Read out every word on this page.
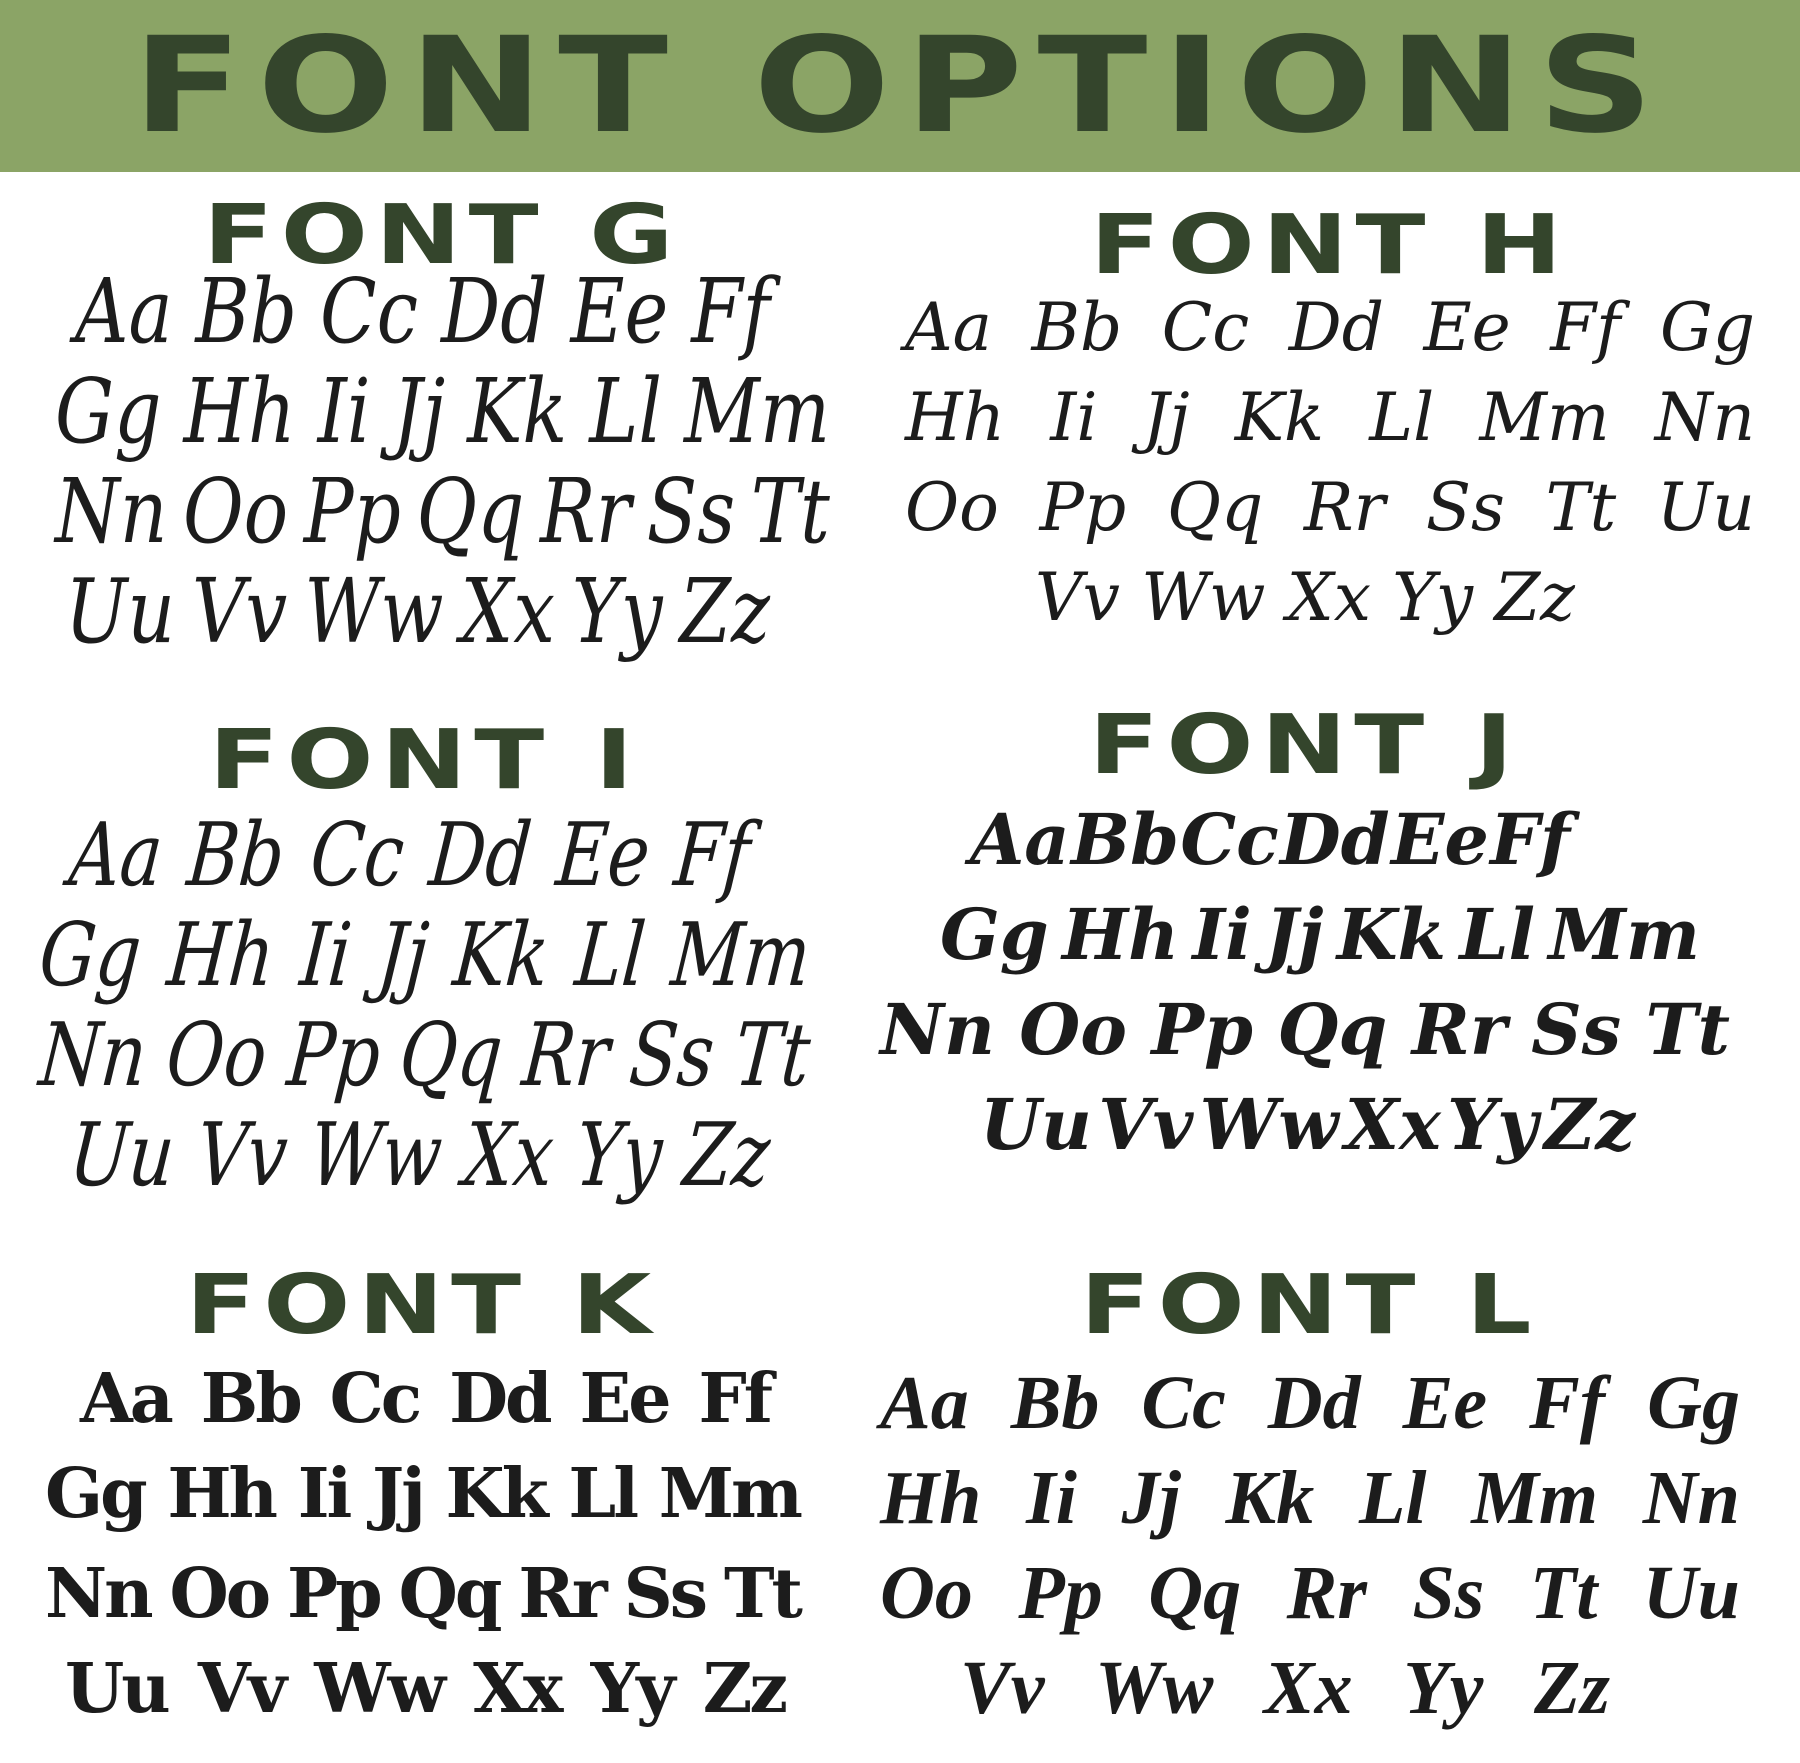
FONT OPTIONS
FONT G
Aa Bb Cc Dd Ee Ff
Gg Hh Ii Jj Kk Ll Mm
Nn Oo Pp Qq Rr Ss Tt
Uu Vv Ww Xx Yy Zz
FONT H
Aa Bb Cc Dd Ee Ff Gg
Hh Ii Jj Kk Ll Mm Nn
Oo Pp Qq Rr Ss Tt Uu
Vv Ww Xx Yy Zz
FONT I
Aa Bb Cc Dd Ee Ff
Gg Hh Ii Jj Kk Ll Mm
Nn Oo Pp Qq Rr Ss Tt
Uu Vv Ww Xx Yy Zz
FONT J
Aa Bb Cc Dd Ee Ff
Gg Hh Ii Jj Kk Ll Mm
Nn Oo Pp Qq Rr Ss Tt
Uu Vv Ww Xx Yy Zz
FONT K
Aa Bb Cc Dd Ee Ff
Gg Hh Ii Jj Kk Ll Mm
Nn Oo Pp Qq Rr Ss Tt
Uu Vv Ww Xx Yy Zz
FONT L
Aa Bb Cc Dd Ee Ff Gg
Hh Ii Jj Kk Ll Mm Nn
Oo Pp Qq Rr Ss Tt Uu
Vv Ww Xx Yy Zz
